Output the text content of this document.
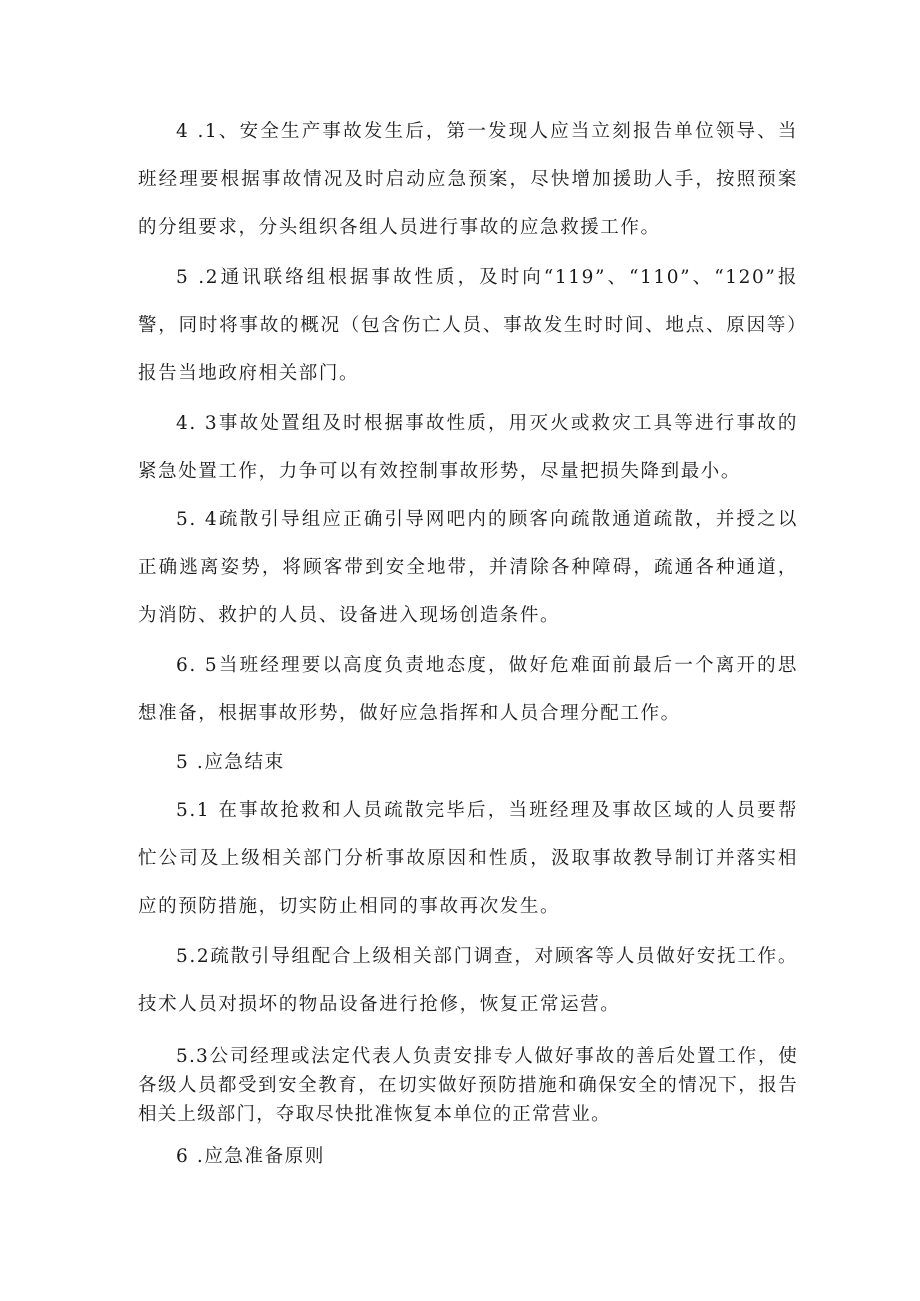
4 .1、安全生产事故发生后，第一发现人应当立刻报告单位领导、当班经理要根据事故情况及时启动应急预案，尽快增加援助人手，按照预案的分组要求，分头组织各组人员进行事故的应急救援工作。

5 .2通讯联络组根据事故性质，及时向“119”、“110”、“120”报警，同时将事故的概况（包含伤亡人员、事故发生时时间、地点、原因等）报告当地政府相关部门。

4. 3事故处置组及时根据事故性质，用灭火或救灾工具等进行事故的紧急处置工作，力争可以有效控制事故形势，尽量把损失降到最小。

5. 4疏散引导组应正确引导网吧内的顾客向疏散通道疏散，并授之以正确逃离姿势，将顾客带到安全地带，并清除各种障碍，疏通各种通道，为消防、救护的人员、设备进入现场创造条件。

6. 5当班经理要以高度负责地态度，做好危难面前最后一个离开的思想准备，根据事故形势，做好应急指挥和人员合理分配工作。

5 .应急结束

5.1 在事故抢救和人员疏散完毕后，当班经理及事故区域的人员要帮忙公司及上级相关部门分析事故原因和性质，汲取事故教导制订并落实相应的预防措施，切实防止相同的事故再次发生。

5.2疏散引导组配合上级相关部门调查，对顾客等人员做好安抚工作。技术人员对损坏的物品设备进行抢修，恢复正常运营。

5.3公司经理或法定代表人负责安排专人做好事故的善后处置工作，使各级人员都受到安全教育，在切实做好预防措施和确保安全的情况下，报告相关上级部门，夺取尽快批准恢复本单位的正常营业。

6 .应急准备原则
